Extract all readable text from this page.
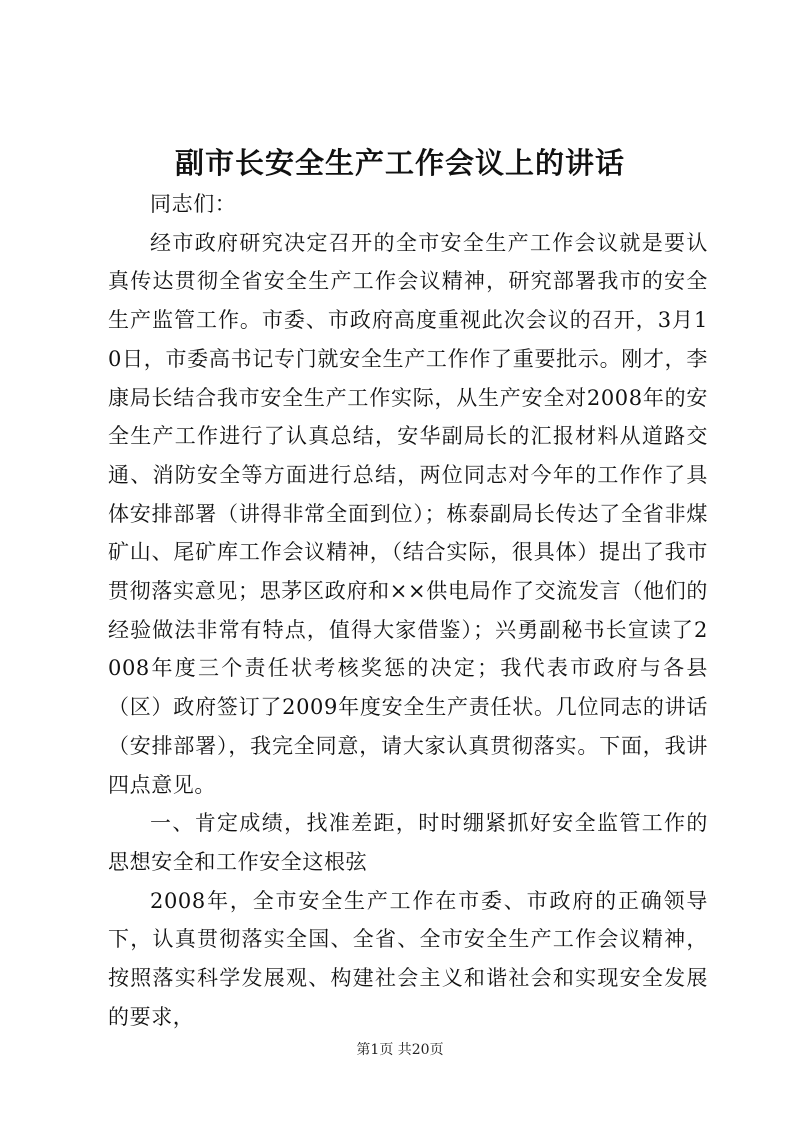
副市长安全生产工作会议上的讲话

同志们：

经市政府研究决定召开的全市安全生产工作会议就是要认真传达贯彻全省安全生产工作会议精神，研究部署我市的安全生产监管工作。市委、市政府高度重视此次会议的召开，3月10日，市委高书记专门就安全生产工作作了重要批示。刚才，李康局长结合我市安全生产工作实际，从生产安全对2008年的安全生产工作进行了认真总结，安华副局长的汇报材料从道路交通、消防安全等方面进行总结，两位同志对今年的工作作了具体安排部署（讲得非常全面到位）；栋泰副局长传达了全省非煤矿山、尾矿库工作会议精神，（结合实际，很具体）提出了我市贯彻落实意见；思茅区政府和××供电局作了交流发言（他们的经验做法非常有特点，值得大家借鉴）；兴勇副秘书长宣读了2008年度三个责任状考核奖惩的决定；我代表市政府与各县（区）政府签订了2009年度安全生产责任状。几位同志的讲话（安排部署），我完全同意，请大家认真贯彻落实。下面，我讲四点意见。

一、肯定成绩，找准差距，时时绷紧抓好安全监管工作的思想安全和工作安全这根弦

2008年，全市安全生产工作在市委、市政府的正确领导下，认真贯彻落实全国、全省、全市安全生产工作会议精神，按照落实科学发展观、构建社会主义和谐社会和实现安全发展的要求，

第1页 共20页
